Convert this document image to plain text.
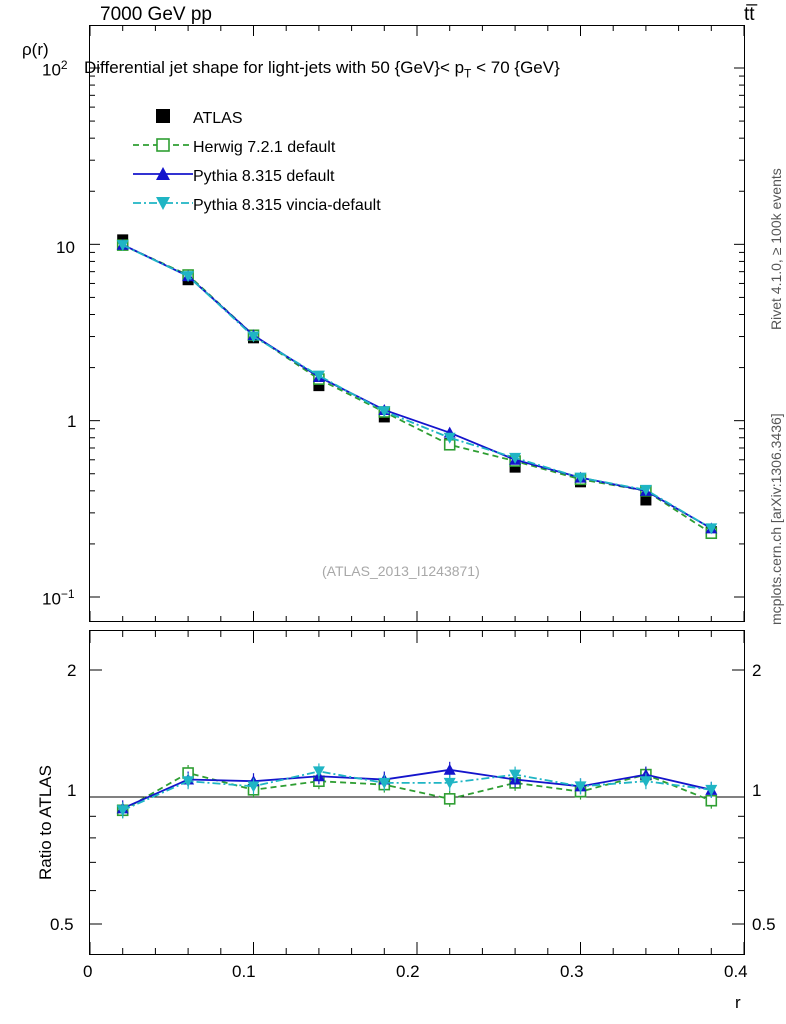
7000 GeV pp	tt̅
Rivet 4.1.0, ≥ 100k events
mcplots.cern.ch [arXiv:1306.3436]
ρ(r)
Differential jet shape for light-jets with 50 $\{GeV\}< p_T < 70$ {GeV}
$10^2$
10
1
$10^{-1}$
2
1
0.5
2
1
0.5
Ratio to ATLAS
0	0.1	0.2	0.3	0.4
r
ATLAS
Herwig 7.2.1 default
Pythia 8.315 default
Pythia 8.315 vincia-default
(ATLAS_2013_I1243871)
